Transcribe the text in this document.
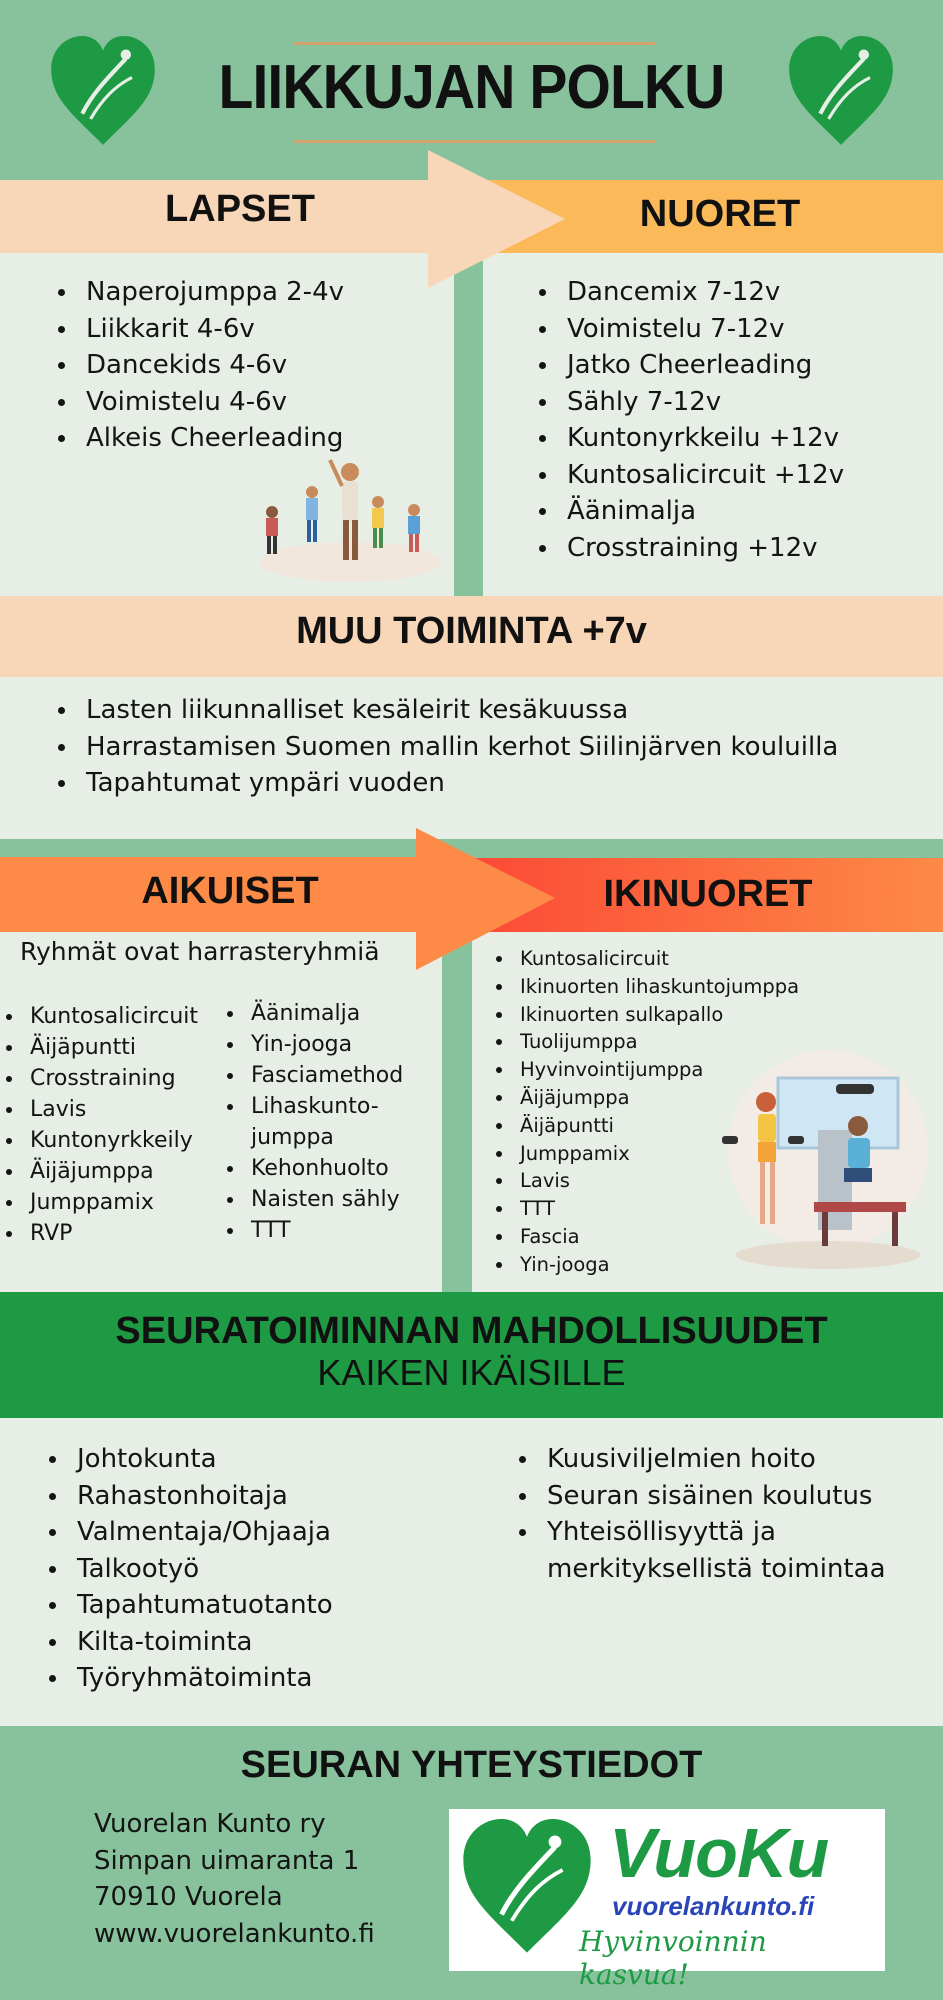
LIIKKUJAN POLKU
LAPSET	NUORET
Naperojumppa 2-4v
Liikkarit 4-6v
Dancekids 4-6v
Voimistelu 4-6v
Alkeis Cheerleading
Dancemix 7-12v
Voimistelu 7-12v
Jatko Cheerleading
Sähly 7-12v
Kuntonyrkkeilu +12v
Kuntosalicircuit +12v
Äänimalja
Crosstraining +12v
MUU TOIMINTA +7v
Lasten liikunnalliset kesäleirit kesäkuussa
Harrastamisen Suomen mallin kerhot Siilinjärven kouluilla
Tapahtumat ympäri vuoden
AIKUISET	IKINUORET
Ryhmät ovat harrasteryhmiä
Kuntosalicircuit
Äijäpuntti
Crosstraining
Lavis
Kuntonyrkkeily
Äijäjumppa
Jumppamix
RVP
Äänimalja
Yin-jooga
Fasciamethod
Lihaskunto-
jumppa
Kehonhuolto
Naisten sähly
TTT
Kuntosalicircuit
Ikinuorten lihaskuntojumppa
Ikinuorten sulkapallo
Tuolijumppa
Hyvinvointijumppa
Äijäjumppa
Äijäpuntti
Jumppamix
Lavis
TTT
Fascia
Yin-jooga
SEURATOIMINNAN MAHDOLLISUUDET
KAIKEN IKÄISILLE
Johtokunta
Rahastonhoitaja
Valmentaja/Ohjaaja
Talkootyö
Tapahtumatuotanto
Kilta-toiminta
Työryhmätoiminta
Kuusiviljelmien hoito
Seuran sisäinen koulutus
Yhteisöllisyyttä ja merkityksellistä toimintaa
SEURAN YHTEYSTIEDOT
Vuorelan Kunto ry
Simpan uimaranta 1
70910 Vuorela
www.vuorelankunto.fi
VuoKu
vuorelankunto.fi
Hyvinvoinnin kasvua!
